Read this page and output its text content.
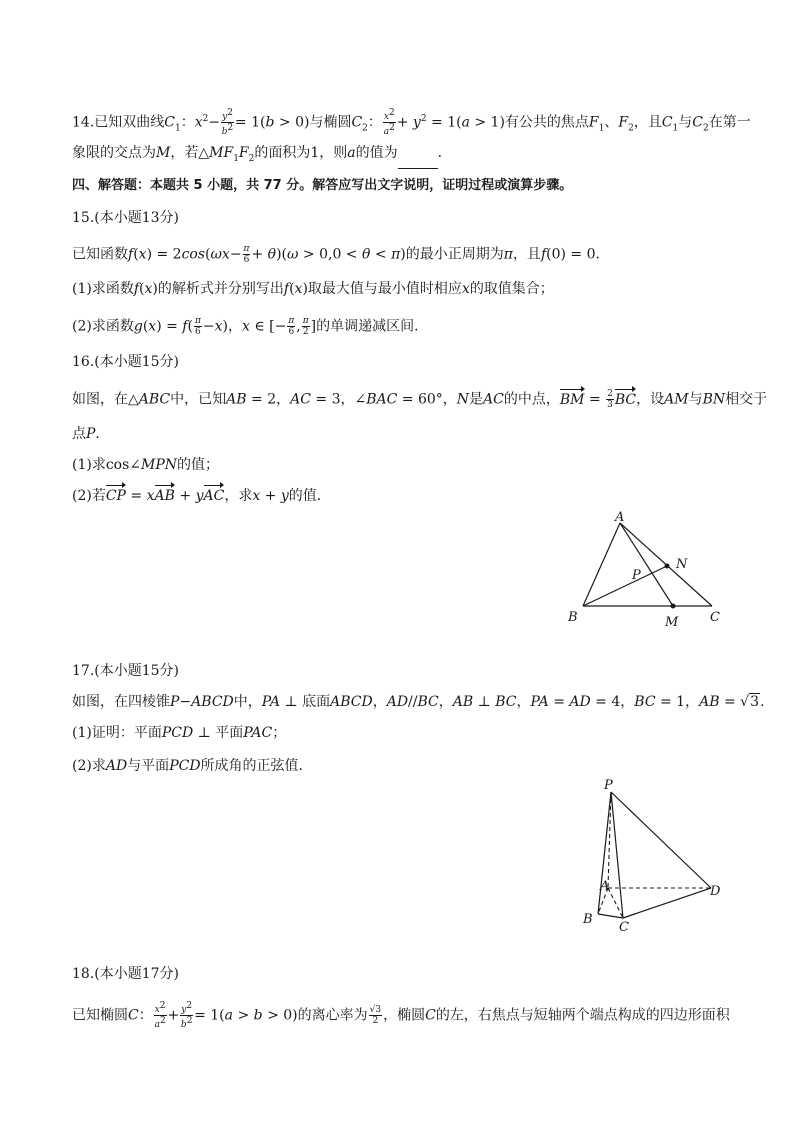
14.已知双曲线$C_1$：$x^2- \frac{y^2}{b^2} = 1(b > 0)$与椭圆$C_2$： $\frac{x^2}{a^2} + y^2 = 1(a > 1)$有公共的焦点$F_1$、$F_2$，且$C_1$与$C_2$在第一
象限的交点为M，若$\triangle MF_1F_2$的面积为1，则a的值为	．
四、解答题：本题共 5 小题，共 77 分。解答应写出文字说明，证明过程或演算步骤。
15.(本小题13分)
已知函数$f(x) = 2\cos(\omega x- \frac{\pi}{6} + \theta)(\omega > 0,0 < \theta < \pi)$的最小正周期为π，且f(0) = 0．
(1)求函数f(x)的解析式并分别写出f(x)取最大值与最小值时相应x的取值集合；
(2)求函数$g(x) = f( \frac{\pi}{6} -x)$，x ∈ [− $\frac{\pi}{6}$ , $\frac{\pi}{2}$ ]的单调递减区间．
16.(本小题15分)
如图，在△ABC中，已知AB = 2，AC = 3，∠BAC = 60°，N是AC的中点，BM = $\frac{2}{3}$ BC，设AM与BN相交于
点P．
(1)求cos∠MPN的值；
(2)若CP = xAB + yAC，求x + y的值．
A
B	C
M
N
P
17.(本小题15分)
如图，在四棱锥P−ABCD中，PA ⊥ 底面ABCD，AD//BC，AB ⊥ BC，PA = AD = 4，BC = 1，AB = √3.
(1)证明：平面PCD ⊥ 平面PAC；
(2)求AD与平面PCD所成角的正弦值．
P
A
B
C
D
18.(本小题17分)
已知椭圆C： $\frac{x^2}{a^2} + \frac{y^2}{b^2} = 1(a > b > 0)$的离心率为 $\frac{√3}{2}$ ，椭圆C的左，右焦点与短轴两个端点构成的四边形面积
